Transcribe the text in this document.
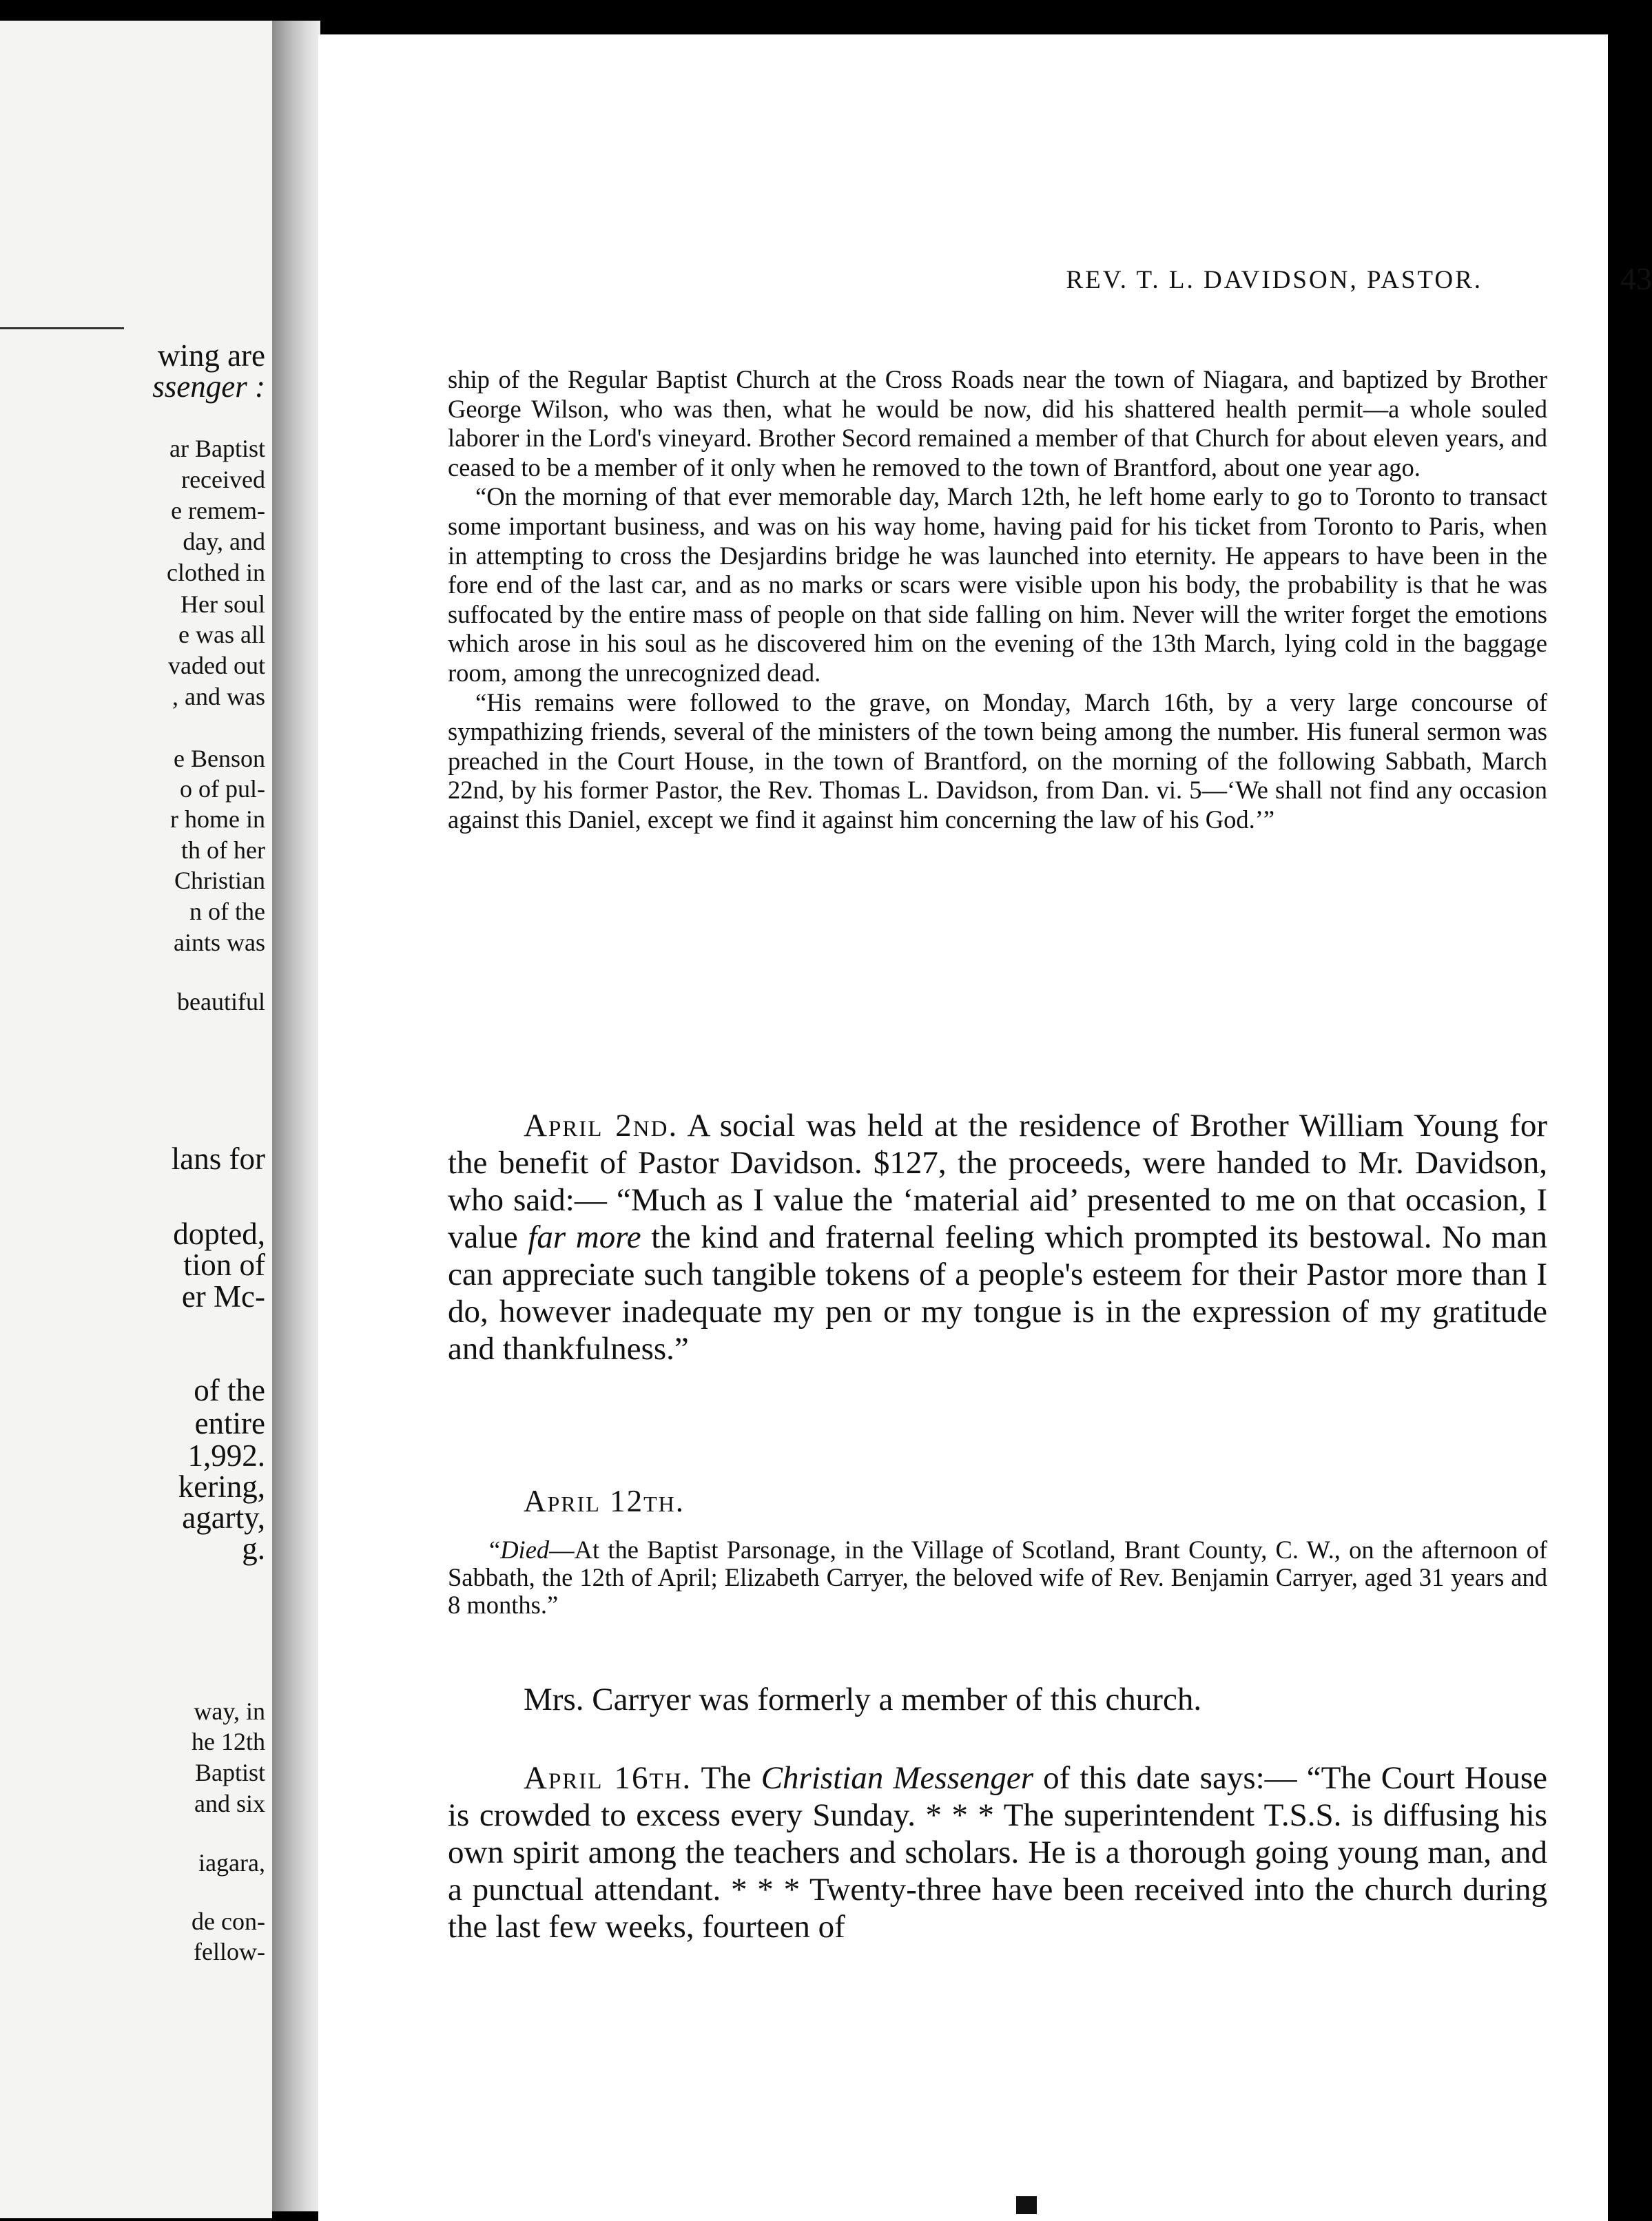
wing are
ssenger :
ar Baptist
received
e remem-
day, and
clothed in
Her soul
e was all
vaded out
, and was
e Benson
o of pul-
r home in
th of her
Christian
n of the
aints was
beautiful
lans for
dopted,
tion of
er Mc-
of the
entire
1,992.
kering,
agarty,
g.
way, in
he 12th
Baptist
and six
iagara,
de con-
fellow-
REV. T. L. DAVIDSON, PASTOR.	43

ship of the Regular Baptist Church at the Cross Roads near the town of Niagara, and baptized by Brother George Wilson, who was then, what he would be now, did his shattered health permit—a whole souled laborer in the Lord's vineyard. Brother Secord remained a member of that Church for about eleven years, and ceased to be a member of it only when he removed to the town of Brantford, about one year ago.

“On the morning of that ever memorable day, March 12th, he left home early to go to Toronto to transact some important business, and was on his way home, having paid for his ticket from Toronto to Paris, when in attempting to cross the Desjardins bridge he was launched into eternity. He appears to have been in the fore end of the last car, and as no marks or scars were visible upon his body, the probability is that he was suffocated by the entire mass of people on that side falling on him. Never will the writer forget the emotions which arose in his soul as he discovered him on the evening of the 13th March, lying cold in the baggage room, among the unrecognized dead.

“His remains were followed to the grave, on Monday, March 16th, by a very large concourse of sympathizing friends, several of the ministers of the town being among the number. His funeral sermon was preached in the Court House, in the town of Brantford, on the morning of the following Sabbath, March 22nd, by his former Pastor, the Rev. Thomas L. Davidson, from Dan. vi. 5—‘We shall not find any occasion against this Daniel, except we find it against him concerning the law of his God.’”

April 2nd. A social was held at the residence of Brother William Young for the benefit of Pastor Davidson. $127, the proceeds, were handed to Mr. Davidson, who said:— “Much as I value the ‘material aid’ presented to me on that occasion, I value far more the kind and fraternal feeling which prompted its bestowal. No man can appreciate such tangible tokens of a people's esteem for their Pastor more than I do, however inadequate my pen or my tongue is in the expression of my gratitude and thankfulness.”

April 12th.

“Died—At the Baptist Parsonage, in the Village of Scotland, Brant County, C. W., on the afternoon of Sabbath, the 12th of April; Elizabeth Carryer, the beloved wife of Rev. Benjamin Carryer, aged 31 years and 8 months.”

Mrs. Carryer was formerly a member of this church.

April 16th. The Christian Messenger of this date says:— “The Court House is crowded to excess every Sunday. * * * The superintendent T.S.S. is diffusing his own spirit among the teachers and scholars. He is a thorough going young man, and a punctual attendant. * * * Twenty-three have been received into the church during the last few weeks, fourteen of
